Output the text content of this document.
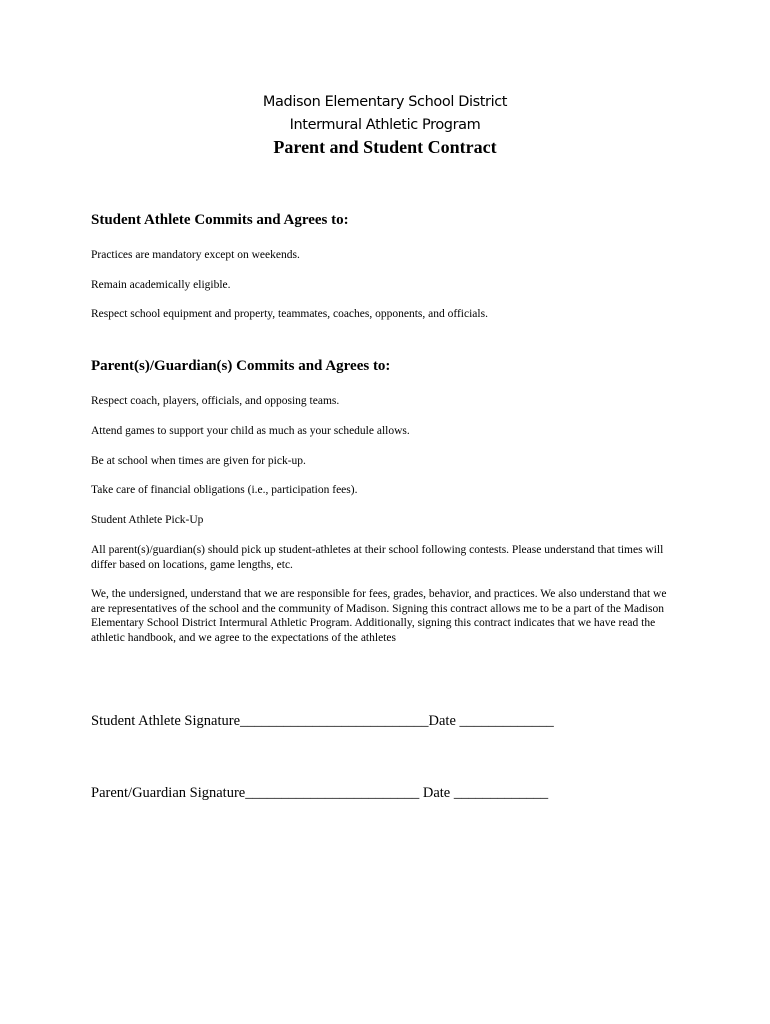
Madison Elementary School District
Intermural Athletic Program
Parent and Student Contract
Student Athlete Commits and Agrees to:
Practices are mandatory except on weekends.
Remain academically eligible.
Respect school equipment and property, teammates, coaches, opponents, and officials.
Parent(s)/Guardian(s) Commits and Agrees to:
Respect coach, players, officials, and opposing teams.
Attend games to support your child as much as your schedule allows.
Be at school when times are given for pick-up.
Take care of financial obligations (i.e., participation fees).
Student Athlete Pick-Up
All parent(s)/guardian(s) should pick up student-athletes at their school following contests. Please understand that times will differ based on locations, game lengths, etc.
We, the undersigned, understand that we are responsible for fees, grades, behavior, and practices. We also understand that we are representatives of the school and the community of Madison. Signing this contract allows me to be a part of the Madison Elementary School District Intermural Athletic Program. Additionally, signing this contract indicates that we have read the athletic handbook, and we agree to the expectations of the athletes
Student Athlete Signature__________________________Date _____________
Parent/Guardian Signature________________________ Date _____________
